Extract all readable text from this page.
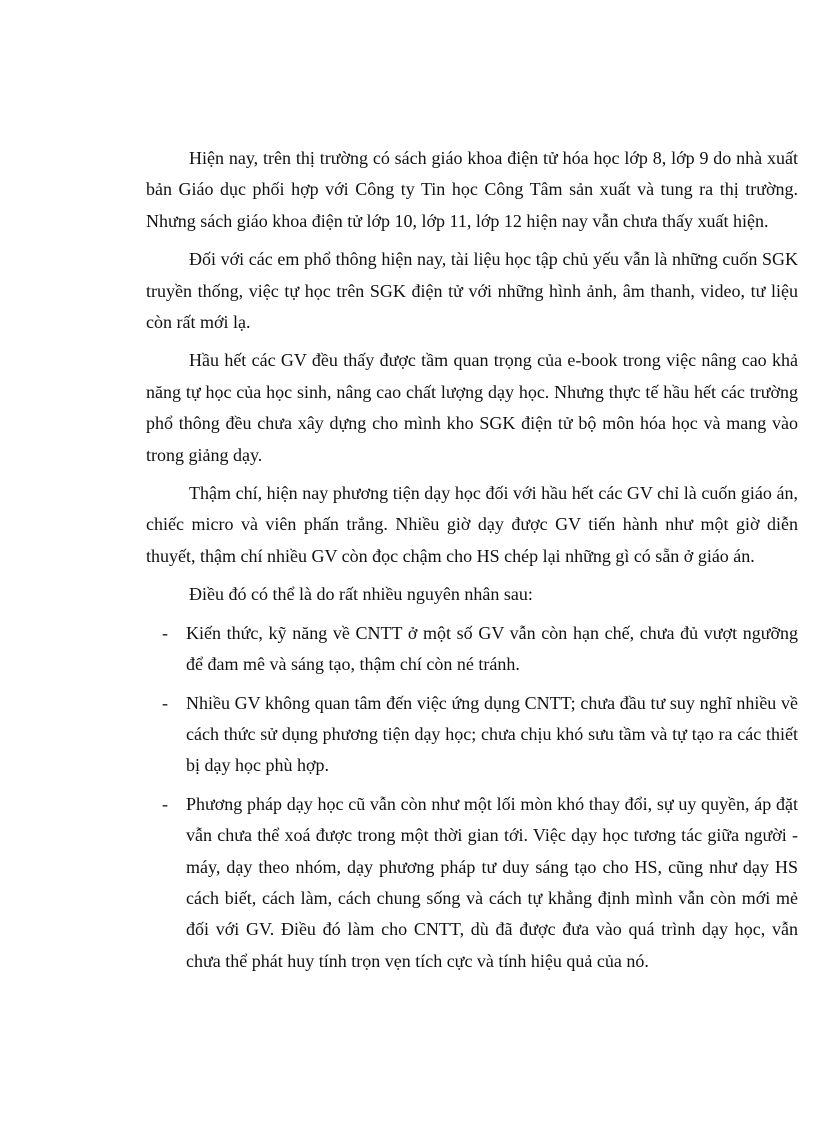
Hiện nay, trên thị trường có sách giáo khoa điện tử hóa học lớp 8, lớp 9 do nhà xuất bản Giáo dục phối hợp với Công ty Tin học Công Tâm sản xuất và tung ra thị trường. Nhưng sách giáo khoa điện tử lớp 10, lớp 11, lớp 12 hiện nay vẫn chưa thấy xuất hiện.

Đối với các em phổ thông hiện nay, tài liệu học tập chủ yếu vẫn là những cuốn SGK truyền thống, việc tự học trên SGK điện tử với những hình ảnh, âm thanh, video, tư liệu còn rất mới lạ.

Hầu hết các GV đều thấy được tầm quan trọng của e-book trong việc nâng cao khả năng tự học của học sinh, nâng cao chất lượng dạy học. Nhưng thực tế hầu hết các trường phổ thông đều chưa xây dựng cho mình kho SGK điện tử bộ môn hóa học và mang vào trong giảng dạy.

Thậm chí, hiện nay phương tiện dạy học đối với hầu hết các GV chỉ là cuốn giáo án, chiếc micro và viên phấn trắng. Nhiều giờ dạy được GV tiến hành như một giờ diễn thuyết, thậm chí nhiều GV còn đọc chậm cho HS chép lại những gì có sẵn ở giáo án.

Điều đó có thể là do rất nhiều nguyên nhân sau:

- Kiến thức, kỹ năng về CNTT ở một số GV vẫn còn hạn chế, chưa đủ vượt ngưỡng để đam mê và sáng tạo, thậm chí còn né tránh.
- Nhiều GV không quan tâm đến việc ứng dụng CNTT; chưa đầu tư suy nghĩ nhiều về cách thức sử dụng phương tiện dạy học; chưa chịu khó sưu tầm và tự tạo ra các thiết bị dạy học phù hợp.
- Phương pháp dạy học cũ vẫn còn như một lối mòn khó thay đổi, sự uy quyền, áp đặt vẫn chưa thể xoá được trong một thời gian tới. Việc dạy học tương tác giữa người - máy, dạy theo nhóm, dạy phương pháp tư duy sáng tạo cho HS, cũng như dạy HS cách biết, cách làm, cách chung sống và cách tự khẳng định mình vẫn còn mới mẻ đối với GV. Điều đó làm cho CNTT, dù đã được đưa vào quá trình dạy học, vẫn chưa thể phát huy tính trọn vẹn tích cực và tính hiệu quả của nó.
